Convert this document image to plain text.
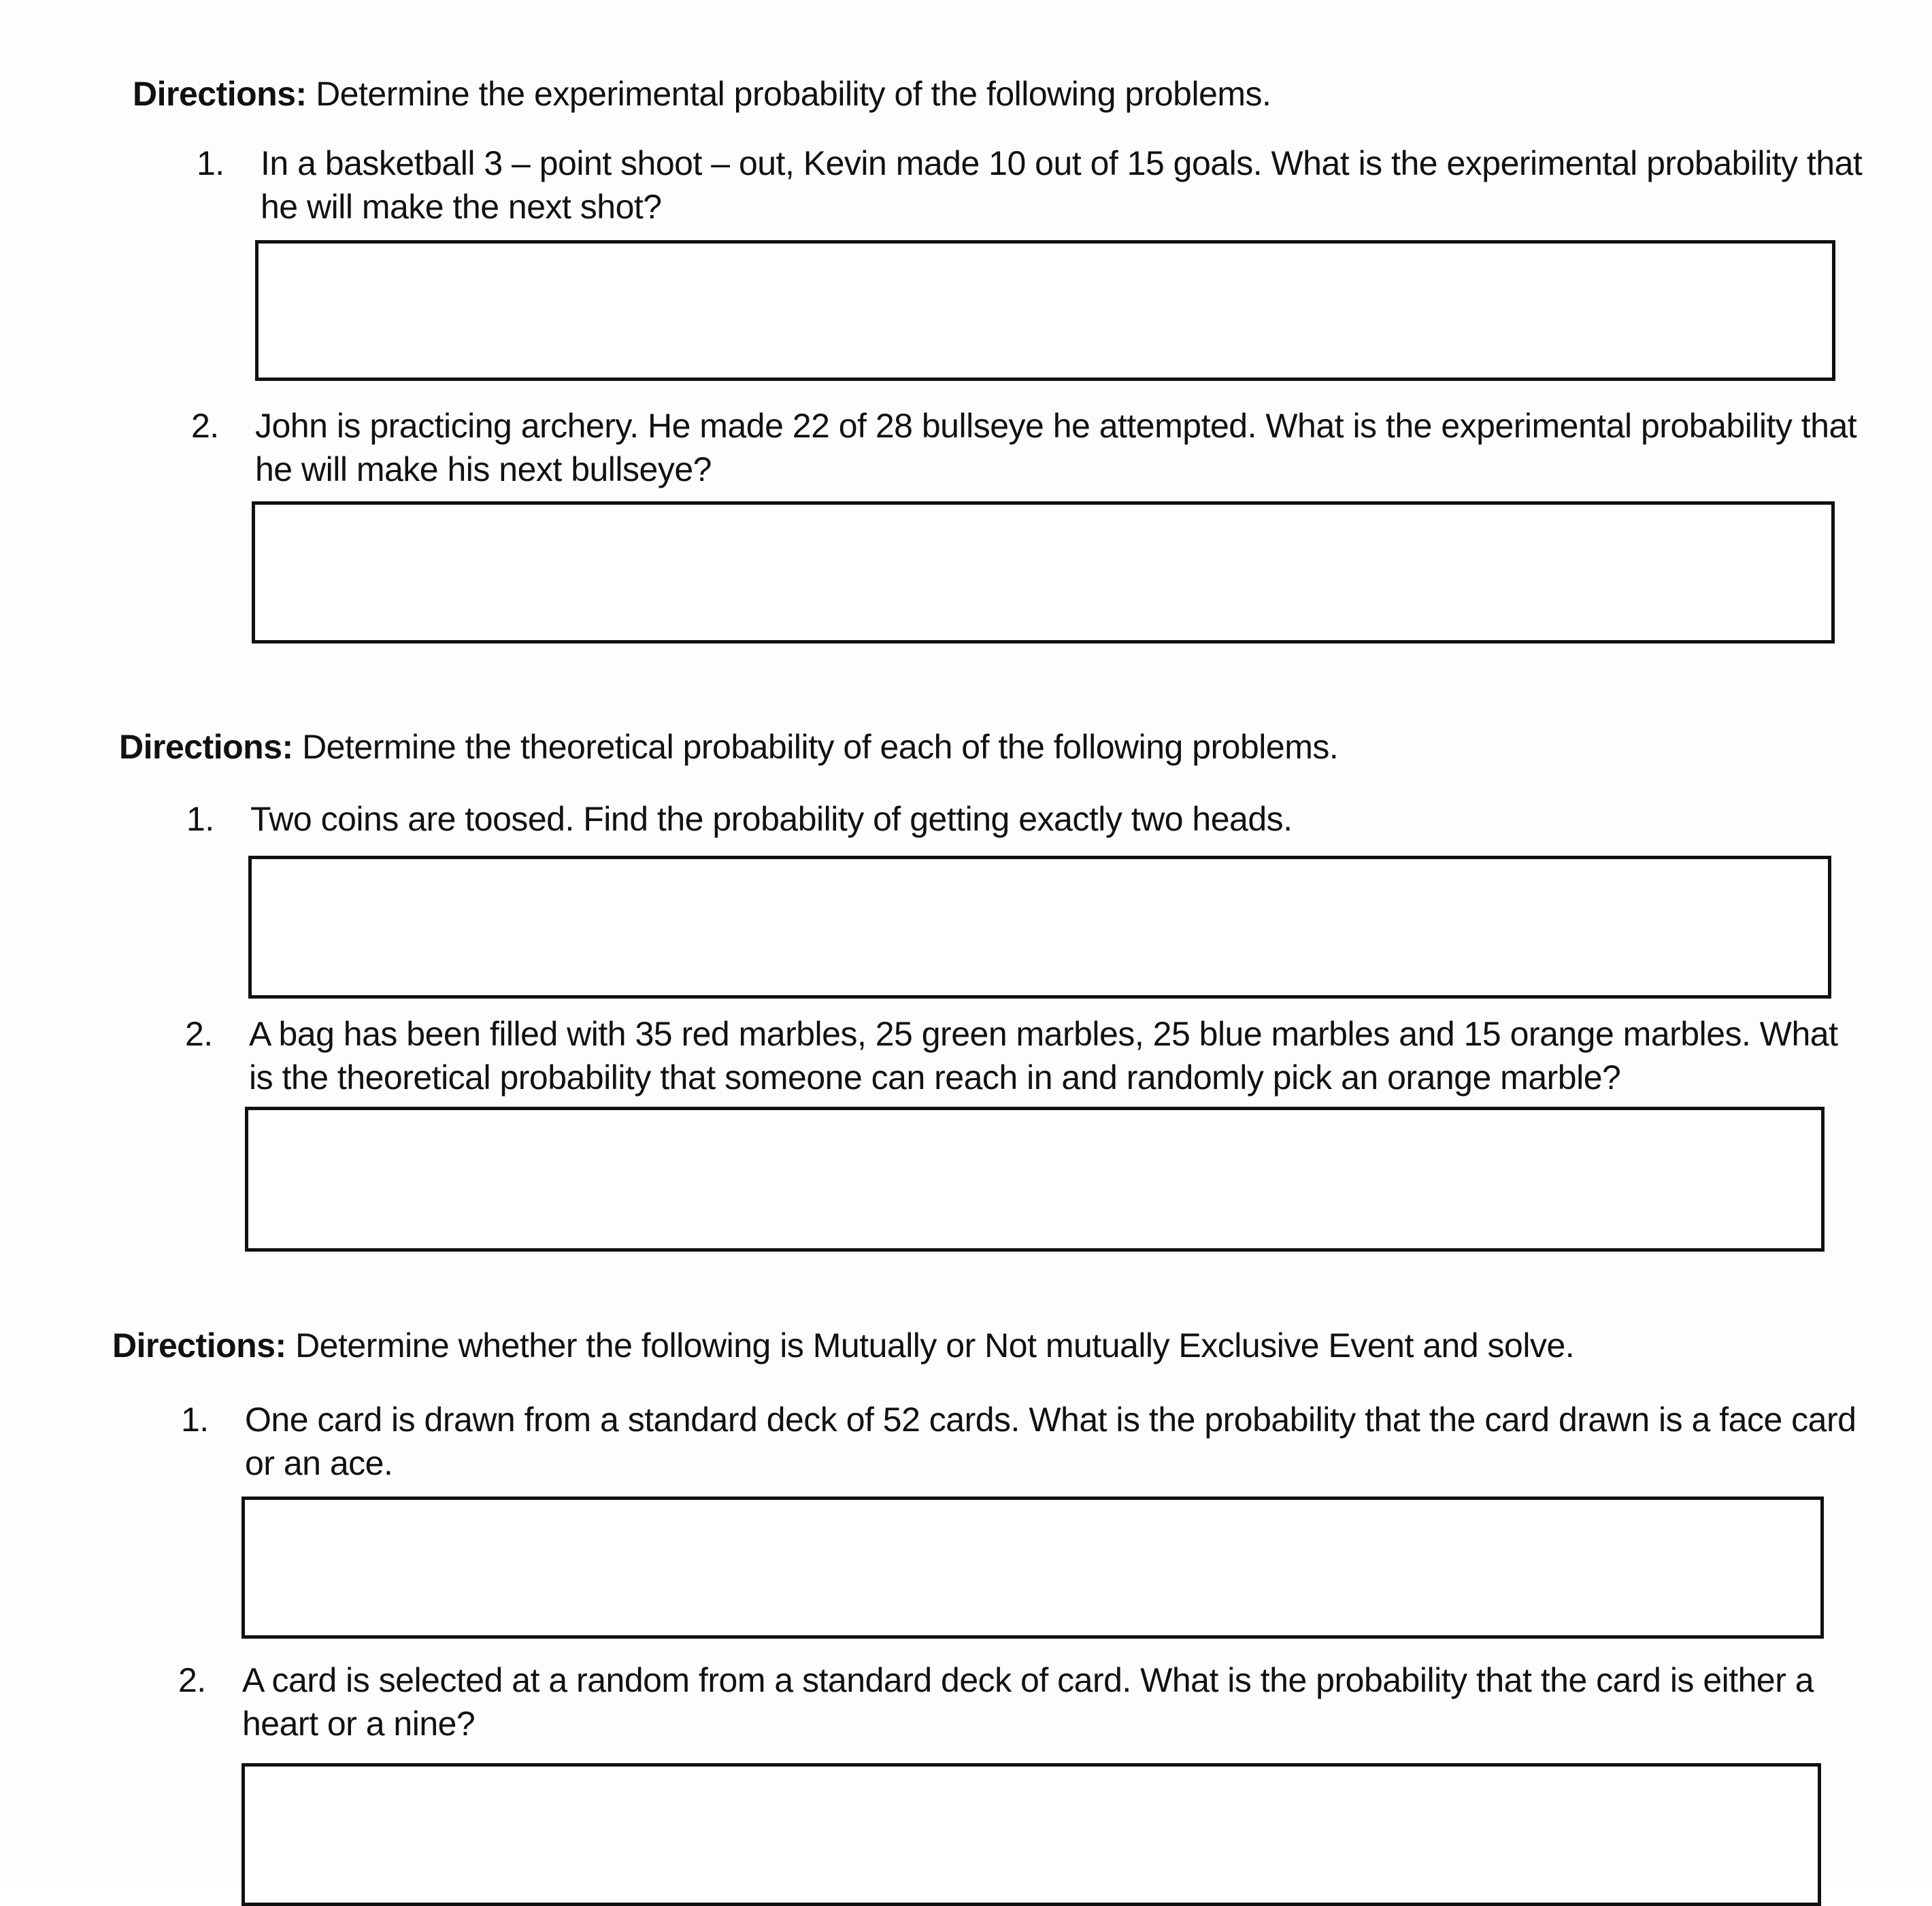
Directions: Determine the experimental probability of the following problems.
1. In a basketball 3 – point shoot – out, Kevin made 10 out of 15 goals. What is the experimental probability that he will make the next shot?
2. John is practicing archery. He made 22 of 28 bullseye he attempted. What is the experimental probability that he will make his next bullseye?
Directions: Determine the theoretical probability of each of the following problems.
1. Two coins are toosed. Find the probability of getting exactly two heads.
2. A bag has been filled with 35 red marbles, 25 green marbles, 25 blue marbles and 15 orange marbles. What is the theoretical probability that someone can reach in and randomly pick an orange marble?
Directions: Determine whether the following is Mutually or Not mutually Exclusive Event and solve.
1. One card is drawn from a standard deck of 52 cards. What is the probability that the card drawn is a face card or an ace.
2. A card is selected at a random from a standard deck of card. What is the probability that the card is either a heart or a nine?
